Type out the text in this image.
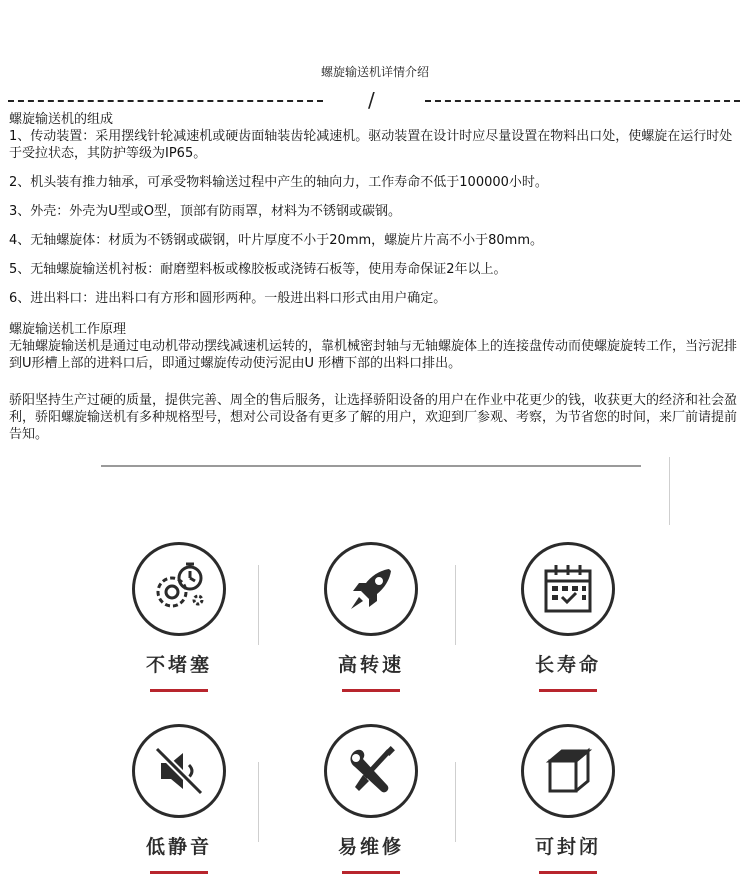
螺旋输送机详情介绍
/

螺旋输送机的组成

1、传动装置：采用摆线针轮减速机或硬齿面轴装齿轮减速机。驱动装置在设计时应尽量设置在物料出口处，使螺旋在运行时处于受拉状态，其防护等级为IP65。

2、机头装有推力轴承，可承受物料输送过程中产生的轴向力，工作寿命不低于100000小时。

3、外壳：外壳为U型或O型，顶部有防雨罩，材料为不锈钢或碳钢。

4、无轴螺旋体：材质为不锈钢或碳钢，叶片厚度不小于20mm，螺旋片片高不小于80mm。

5、无轴螺旋输送机衬板：耐磨塑料板或橡胶板或浇铸石板等，使用寿命保证2年以上。

6、进出料口：进出料口有方形和圆形两种。一般进出料口形式由用户确定。

螺旋输送机工作原理

无轴螺旋输送机是通过电动机带动摆线减速机运转的，靠机械密封轴与无轴螺旋体上的连接盘传动而使螺旋旋转工作，当污泥排到U形槽上部的进料口后，即通过螺旋传动使污泥由U 形槽下部的出料口排出。

骄阳坚持生产过硬的质量，提供完善、周全的售后服务，让选择骄阳设备的用户在作业中花更少的钱，收获更大的经济和社会盈利，骄阳螺旋输送机有多种规格型号，想对公司设备有更多了解的用户，欢迎到厂参观、考察，为节省您的时间，来厂前请提前告知。

不堵塞	高转速	长寿命
低静音	易维修	可封闭
